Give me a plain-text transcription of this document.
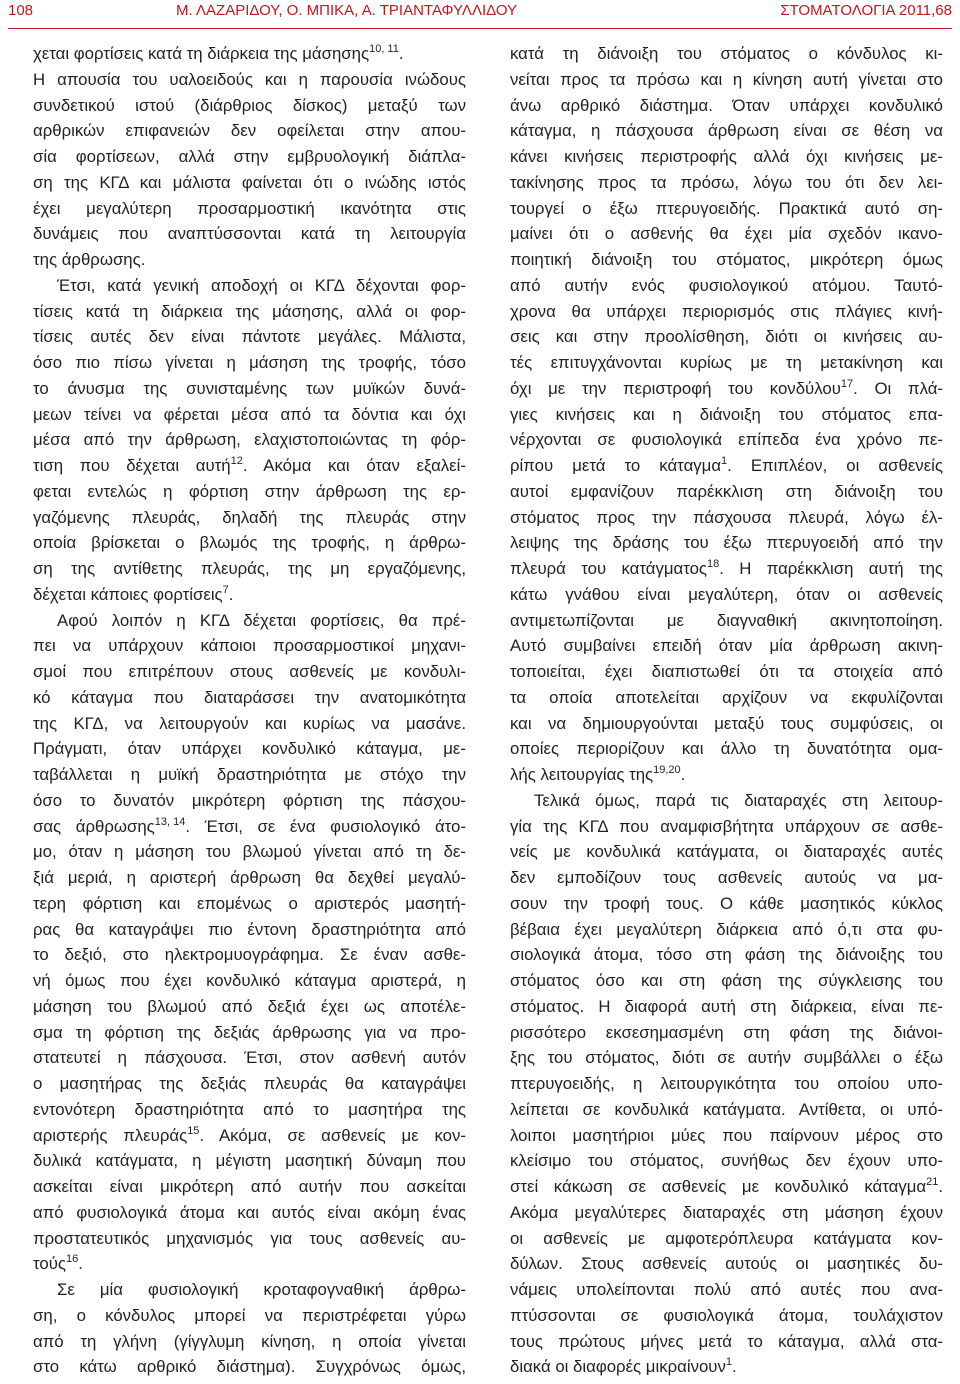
108	Μ. ΛΑΖΑΡΙΔΟΥ, Ο. ΜΠΙΚΑ, Α. ΤΡΙΑΝΤΑΦΥΛΛΙΔΟΥ	ΣΤΟΜΑΤΟΛΟΓΙΑ 2011,68
χεται φορτίσεις κατά τη διάρκεια της μάσησης10, 11.
Η απουσία του υαλοειδούς και η παρουσία ινώδους
συνδετικού ιστού (διάρθριος δίσκος) μεταξύ των
αρθρικών επιφανειών δεν οφείλεται στην απου-
σία φορτίσεων, αλλά στην εμβρυολογική διάπλα-
ση της ΚΓΔ και μάλιστα φαίνεται ότι ο ινώδης ιστός
έχει μεγαλύτερη προσαρμοστική ικανότητα στις
δυνάμεις που αναπτύσσονται κατά τη λειτουργία
της άρθρωσης.
Έτσι, κατά γενική αποδοχή οι ΚΓΔ δέχονται φορ-
τίσεις κατά τη διάρκεια της μάσησης, αλλά οι φορ-
τίσεις αυτές δεν είναι πάντοτε μεγάλες. Μάλιστα,
όσο πιο πίσω γίνεται η μάσηση της τροφής, τόσο
το άνυσμα της συνισταμένης των μυϊκών δυνά-
μεων τείνει να φέρεται μέσα από τα δόντια και όχι
μέσα από την άρθρωση, ελαχιστοποιώντας τη φόρ-
τιση που δέχεται αυτή12. Ακόμα και όταν εξαλεί-
φεται εντελώς η φόρτιση στην άρθρωση της ερ-
γαζόμενης πλευράς, δηλαδή της πλευράς στην
οποία βρίσκεται ο βλωμός της τροφής, η άρθρω-
ση της αντίθετης πλευράς, της μη εργαζόμενης,
δέχεται κάποιες φορτίσεις7.
Αφού λοιπόν η ΚΓΔ δέχεται φορτίσεις, θα πρέ-
πει να υπάρχουν κάποιοι προσαρμοστικοί μηχανι-
σμοί που επιτρέπουν στους ασθενείς με κονδυλι-
κό κάταγμα που διαταράσσει την ανατομικότητα
της ΚΓΔ, να λειτουργούν και κυρίως να μασάνε.
Πράγματι, όταν υπάρχει κονδυλικό κάταγμα, με-
ταβάλλεται η μυϊκή δραστηριότητα με στόχο την
όσο το δυνατόν μικρότερη φόρτιση της πάσχου-
σας άρθρωσης13, 14. Έτσι, σε ένα φυσιολογικό άτο-
μο, όταν η μάσηση του βλωμού γίνεται από τη δε-
ξιά μεριά, η αριστερή άρθρωση θα δεχθεί μεγαλύ-
τερη φόρτιση και επομένως ο αριστερός μασητή-
ρας θα καταγράψει πιο έντονη δραστηριότητα από
το δεξιό, στο ηλεκτρομυογράφημα. Σε έναν ασθε-
νή όμως που έχει κονδυλικό κάταγμα αριστερά, η
μάσηση του βλωμού από δεξιά έχει ως αποτέλε-
σμα τη φόρτιση της δεξιάς άρθρωσης για να προ-
στατευτεί η πάσχουσα. Έτσι, στον ασθενή αυτόν
ο μασητήρας της δεξιάς πλευράς θα καταγράψει
εντονότερη δραστηριότητα από το μασητήρα της
αριστερής πλευράς15. Ακόμα, σε ασθενείς με κον-
δυλικά κατάγματα, η μέγιστη μασητική δύναμη που
ασκείται είναι μικρότερη από αυτήν που ασκείται
από φυσιολογικά άτομα και αυτός είναι ακόμη ένας
προστατευτικός μηχανισμός για τους ασθενείς αυ-
τούς16.
Σε μία φυσιολογική κροταφογναθική άρθρω-
ση, ο κόνδυλος μπορεί να περιστρέφεται γύρω
από τη γλήνη (γίγγλυμη κίνηση, η οποία γίνεται
στο κάτω αρθρικό διάστημα). Συγχρόνως όμως,
κατά τη διάνοιξη του στόματος ο κόνδυλος κι-
νείται προς τα πρόσω και η κίνηση αυτή γίνεται στο
άνω αρθρικό διάστημα. Όταν υπάρχει κονδυλικό
κάταγμα, η πάσχουσα άρθρωση είναι σε θέση να
κάνει κινήσεις περιστροφής αλλά όχι κινήσεις με-
τακίνησης προς τα πρόσω, λόγω του ότι δεν λει-
τουργεί ο έξω πτερυγοειδής. Πρακτικά αυτό ση-
μαίνει ότι ο ασθενής θα έχει μία σχεδόν ικανο-
ποιητική διάνοιξη του στόματος, μικρότερη όμως
από αυτήν ενός φυσιολογικού ατόμου. Ταυτό-
χρονα θα υπάρχει περιορισμός στις πλάγιες κινή-
σεις και στην προολίσθηση, διότι οι κινήσεις αυ-
τές επιτυγχάνονται κυρίως με τη μετακίνηση και
όχι με την περιστροφή του κονδύλου17. Οι πλά-
γιες κινήσεις και η διάνοιξη του στόματος επα-
νέρχονται σε φυσιολογικά επίπεδα ένα χρόνο πε-
ρίπου μετά το κάταγμα1. Επιπλέον, οι ασθενείς
αυτοί εμφανίζουν παρέκκλιση στη διάνοιξη του
στόματος προς την πάσχουσα πλευρά, λόγω έλ-
λειψης της δράσης του έξω πτερυγοειδή από την
πλευρά του κατάγματος18. Η παρέκκλιση αυτή της
κάτω γνάθου είναι μεγαλύτερη, όταν οι ασθενείς
αντιμετωπίζονται με διαγναθική ακινητοποίηση.
Αυτό συμβαίνει επειδή όταν μία άρθρωση ακινη-
τοποιείται, έχει διαπιστωθεί ότι τα στοιχεία από
τα οποία αποτελείται αρχίζουν να εκφυλίζονται
και να δημιουργούνται μεταξύ τους συμφύσεις, οι
οποίες περιορίζουν και άλλο τη δυνατότητα ομα-
λής λειτουργίας της19,20.
Τελικά όμως, παρά τις διαταραχές στη λειτουρ-
γία της ΚΓΔ που αναμφισβήτητα υπάρχουν σε ασθε-
νείς με κονδυλικά κατάγματα, οι διαταραχές αυτές
δεν εμποδίζουν τους ασθενείς αυτούς να μα-
σουν την τροφή τους. Ο κάθε μασητικός κύκλος
βέβαια έχει μεγαλύτερη διάρκεια από ό,τι στα φυ-
σιολογικά άτομα, τόσο στη φάση της διάνοιξης του
στόματος όσο και στη φάση της σύγκλεισης του
στόματος. Η διαφορά αυτή στη διάρκεια, είναι πε-
ρισσότερο εκσεσημασμένη στη φάση της διάνοι-
ξης του στόματος, διότι σε αυτήν συμβάλλει ο έξω
πτερυγοειδής, η λειτουργικότητα του οποίου υπο-
λείπεται σε κονδυλικά κατάγματα. Αντίθετα, οι υπό-
λοιποι μασητήριοι μύες που παίρνουν μέρος στο
κλείσιμο του στόματος, συνήθως δεν έχουν υπο-
στεί κάκωση σε ασθενείς με κονδυλικό κάταγμα21.
Ακόμα μεγαλύτερες διαταραχές στη μάσηση έχουν
οι ασθενείς με αμφοτερόπλευρα κατάγματα κον-
δύλων. Στους ασθενείς αυτούς οι μασητικές δυ-
νάμεις υπολείπονται πολύ από αυτές που ανα-
πτύσσονται σε φυσιολογικά άτομα, τουλάχιστον
τους πρώτους μήνες μετά το κάταγμα, αλλά στα-
διακά οι διαφορές μικραίνουν1.
